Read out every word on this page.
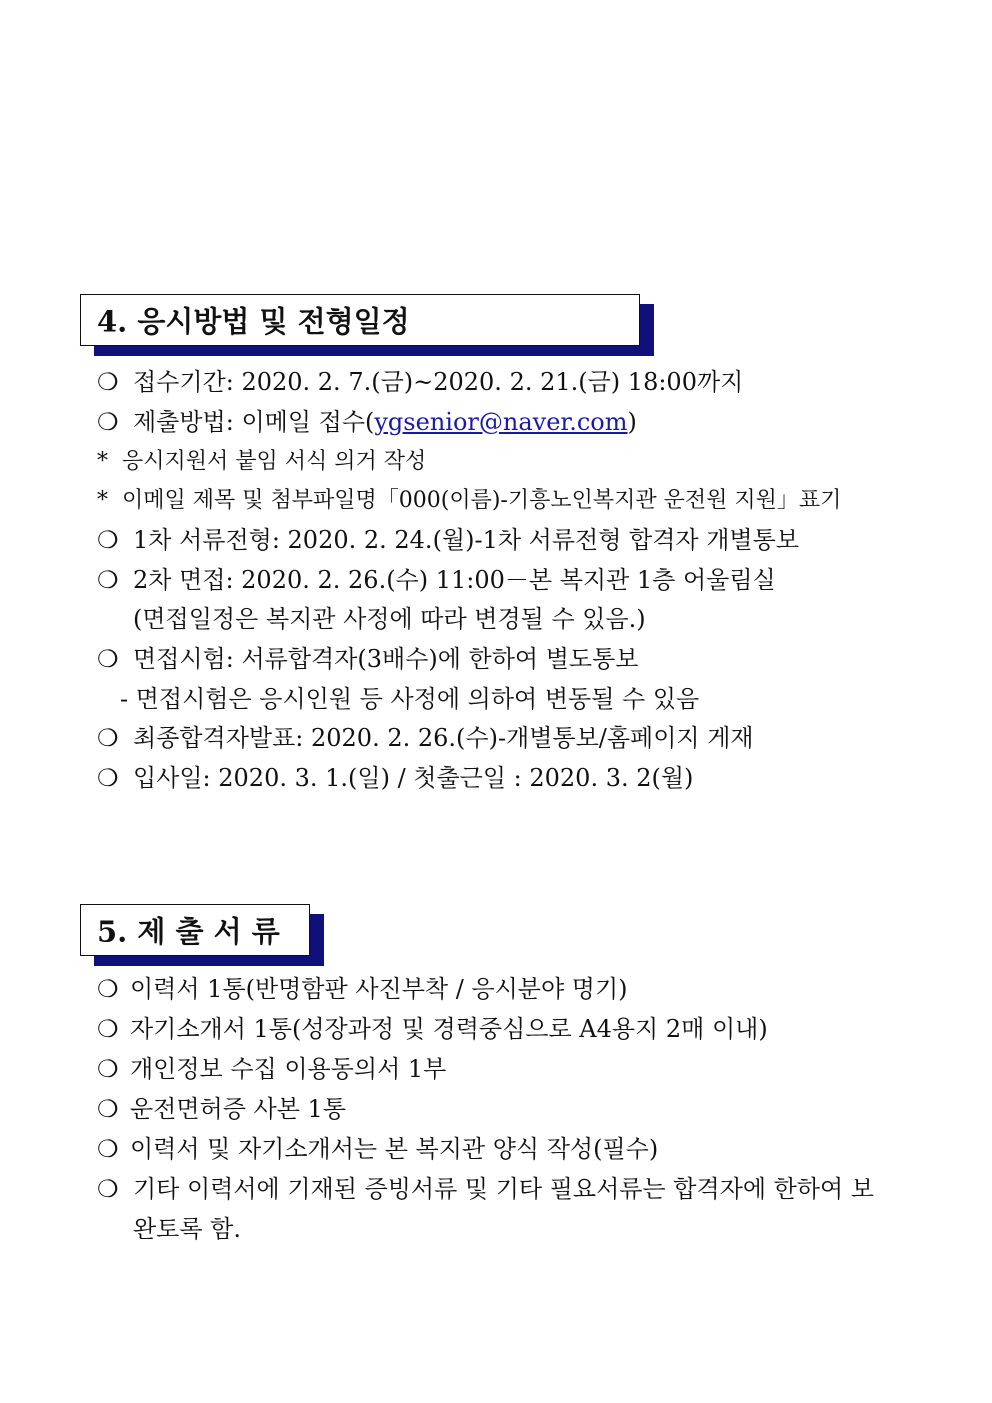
4. 응시방법 및 전형일정
❍ 접수기간: 2020. 2. 7.(금)~2020. 2. 21.(금) 18:00까지
❍ 제출방법: 이메일 접수(ygsenior@naver.com)
* 응시지원서 붙임 서식 의거 작성
* 이메일 제목 및 첨부파일명「000(이름)-기흥노인복지관 운전원 지원」표기
❍ 1차 서류전형: 2020. 2. 24.(월)-1차 서류전형 합격자 개별통보
❍ 2차 면접: 2020. 2. 26.(수) 11:00－본 복지관 1층 어울림실
(면접일정은 복지관 사정에 따라 변경될 수 있음.)
❍ 면접시험: 서류합격자(3배수)에 한하여 별도통보
- 면접시험은 응시인원 등 사정에 의하여 변동될 수 있음
❍ 최종합격자발표: 2020. 2. 26.(수)-개별통보/홈페이지 게재
❍ 입사일: 2020. 3. 1.(일) / 첫출근일 : 2020. 3. 2(월)
5. 제 출 서 류
❍ 이력서 1통(반명함판 사진부착 / 응시분야 명기)
❍ 자기소개서 1통(성장과정 및 경력중심으로 A4용지 2매 이내)
❍ 개인정보 수집 이용동의서 1부
❍ 운전면허증 사본 1통
❍ 이력서 및 자기소개서는 본 복지관 양식 작성(필수)
❍ 기타 이력서에 기재된 증빙서류 및 기타 필요서류는 합격자에 한하여 보
완토록 함.
